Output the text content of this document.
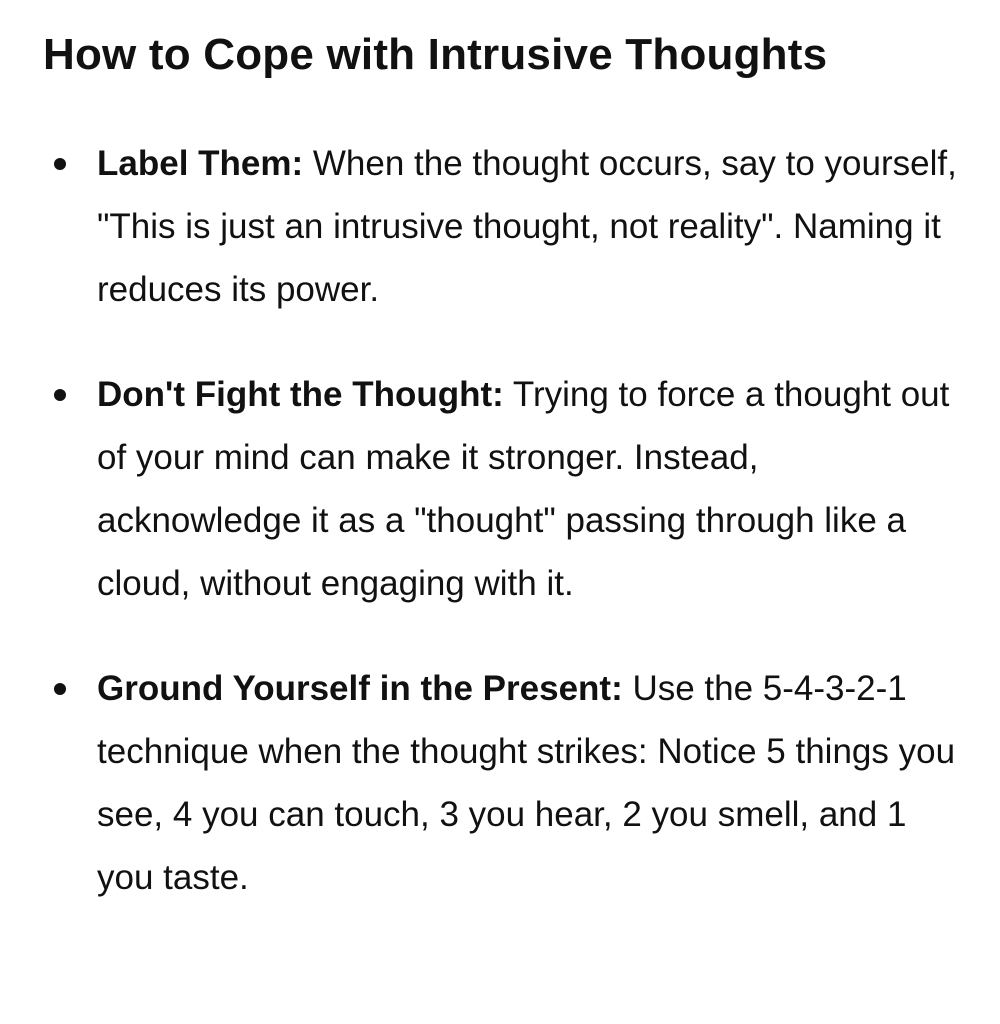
How to Cope with Intrusive Thoughts
Label Them: When the thought occurs, say to yourself, "This is just an intrusive thought, not reality". Naming it reduces its power.
Don't Fight the Thought: Trying to force a thought out of your mind can make it stronger. Instead, acknowledge it as a "thought" passing through like a cloud, without engaging with it.
Ground Yourself in the Present: Use the 5-4-3-2-1 technique when the thought strikes: Notice 5 things you see, 4 you can touch, 3 you hear, 2 you smell, and 1 you taste.
